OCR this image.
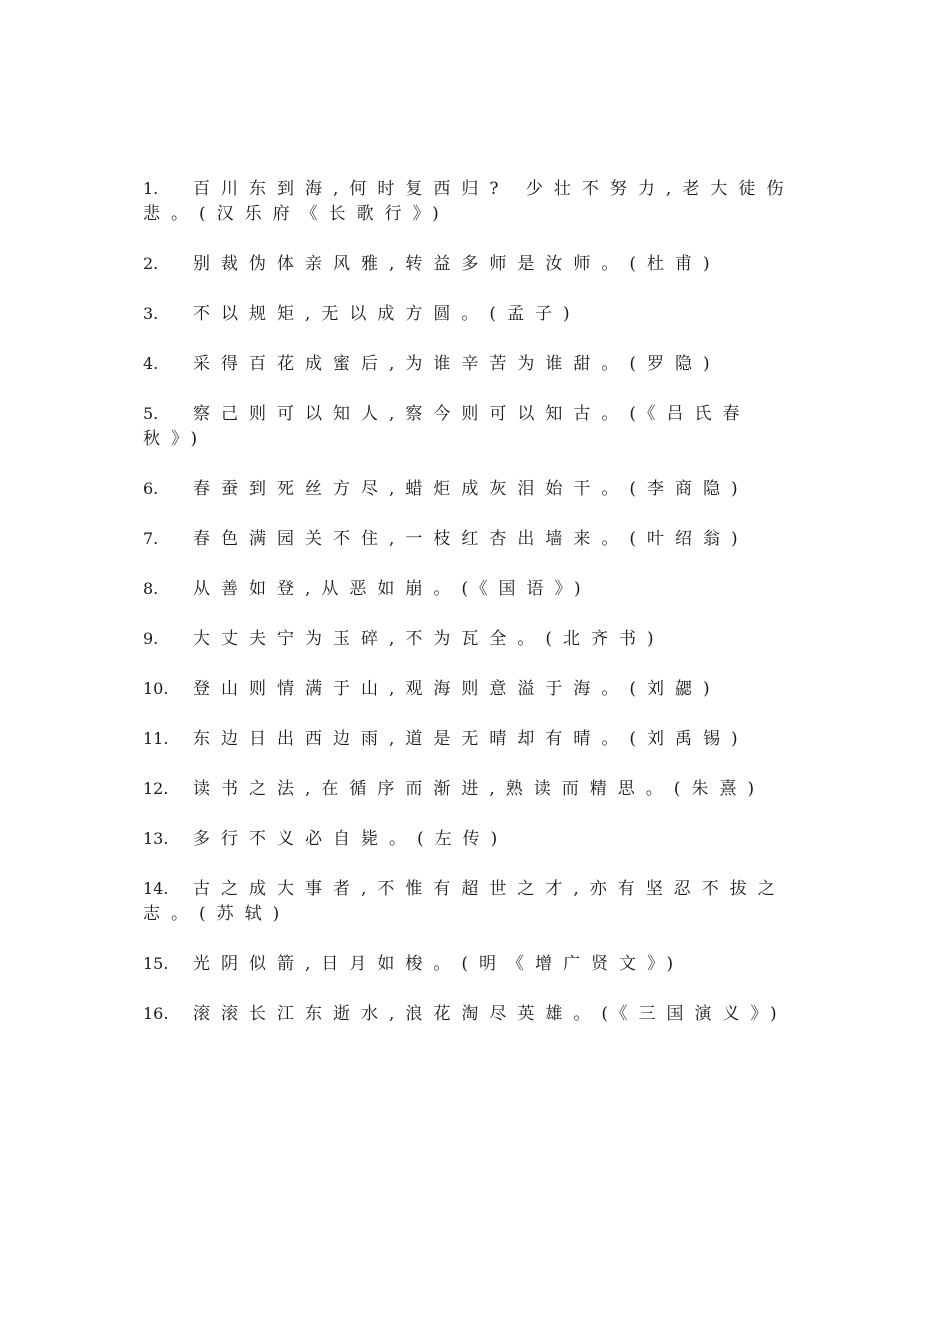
1. 百川东到海,何时复西归? 少壮不努力,老大徒伤悲。(汉乐府《长歌行》)

2. 别裁伪体亲风雅,转益多师是汝师。(杜甫)

3. 不以规矩,无以成方圆。(孟子)

4. 采得百花成蜜后,为谁辛苦为谁甜。(罗隐)

5. 察己则可以知人,察今则可以知古。(《吕氏春秋》)

6. 春蚕到死丝方尽,蜡炬成灰泪始干。(李商隐)

7. 春色满园关不住,一枝红杏出墙来。(叶绍翁)

8. 从善如登,从恶如崩。(《国语》)

9. 大丈夫宁为玉碎,不为瓦全。(北齐书)

10. 登山则情满于山,观海则意溢于海。(刘勰)

11. 东边日出西边雨,道是无晴却有晴。(刘禹锡)

12. 读书之法,在循序而渐进,熟读而精思。(朱熹)

13. 多行不义必自毙。(左传)

14. 古之成大事者,不惟有超世之才,亦有坚忍不拔之志。(苏轼)

15. 光阴似箭,日月如梭。(明《增广贤文》)

16. 滚滚长江东逝水,浪花淘尽英雄。(《三国演义》)
